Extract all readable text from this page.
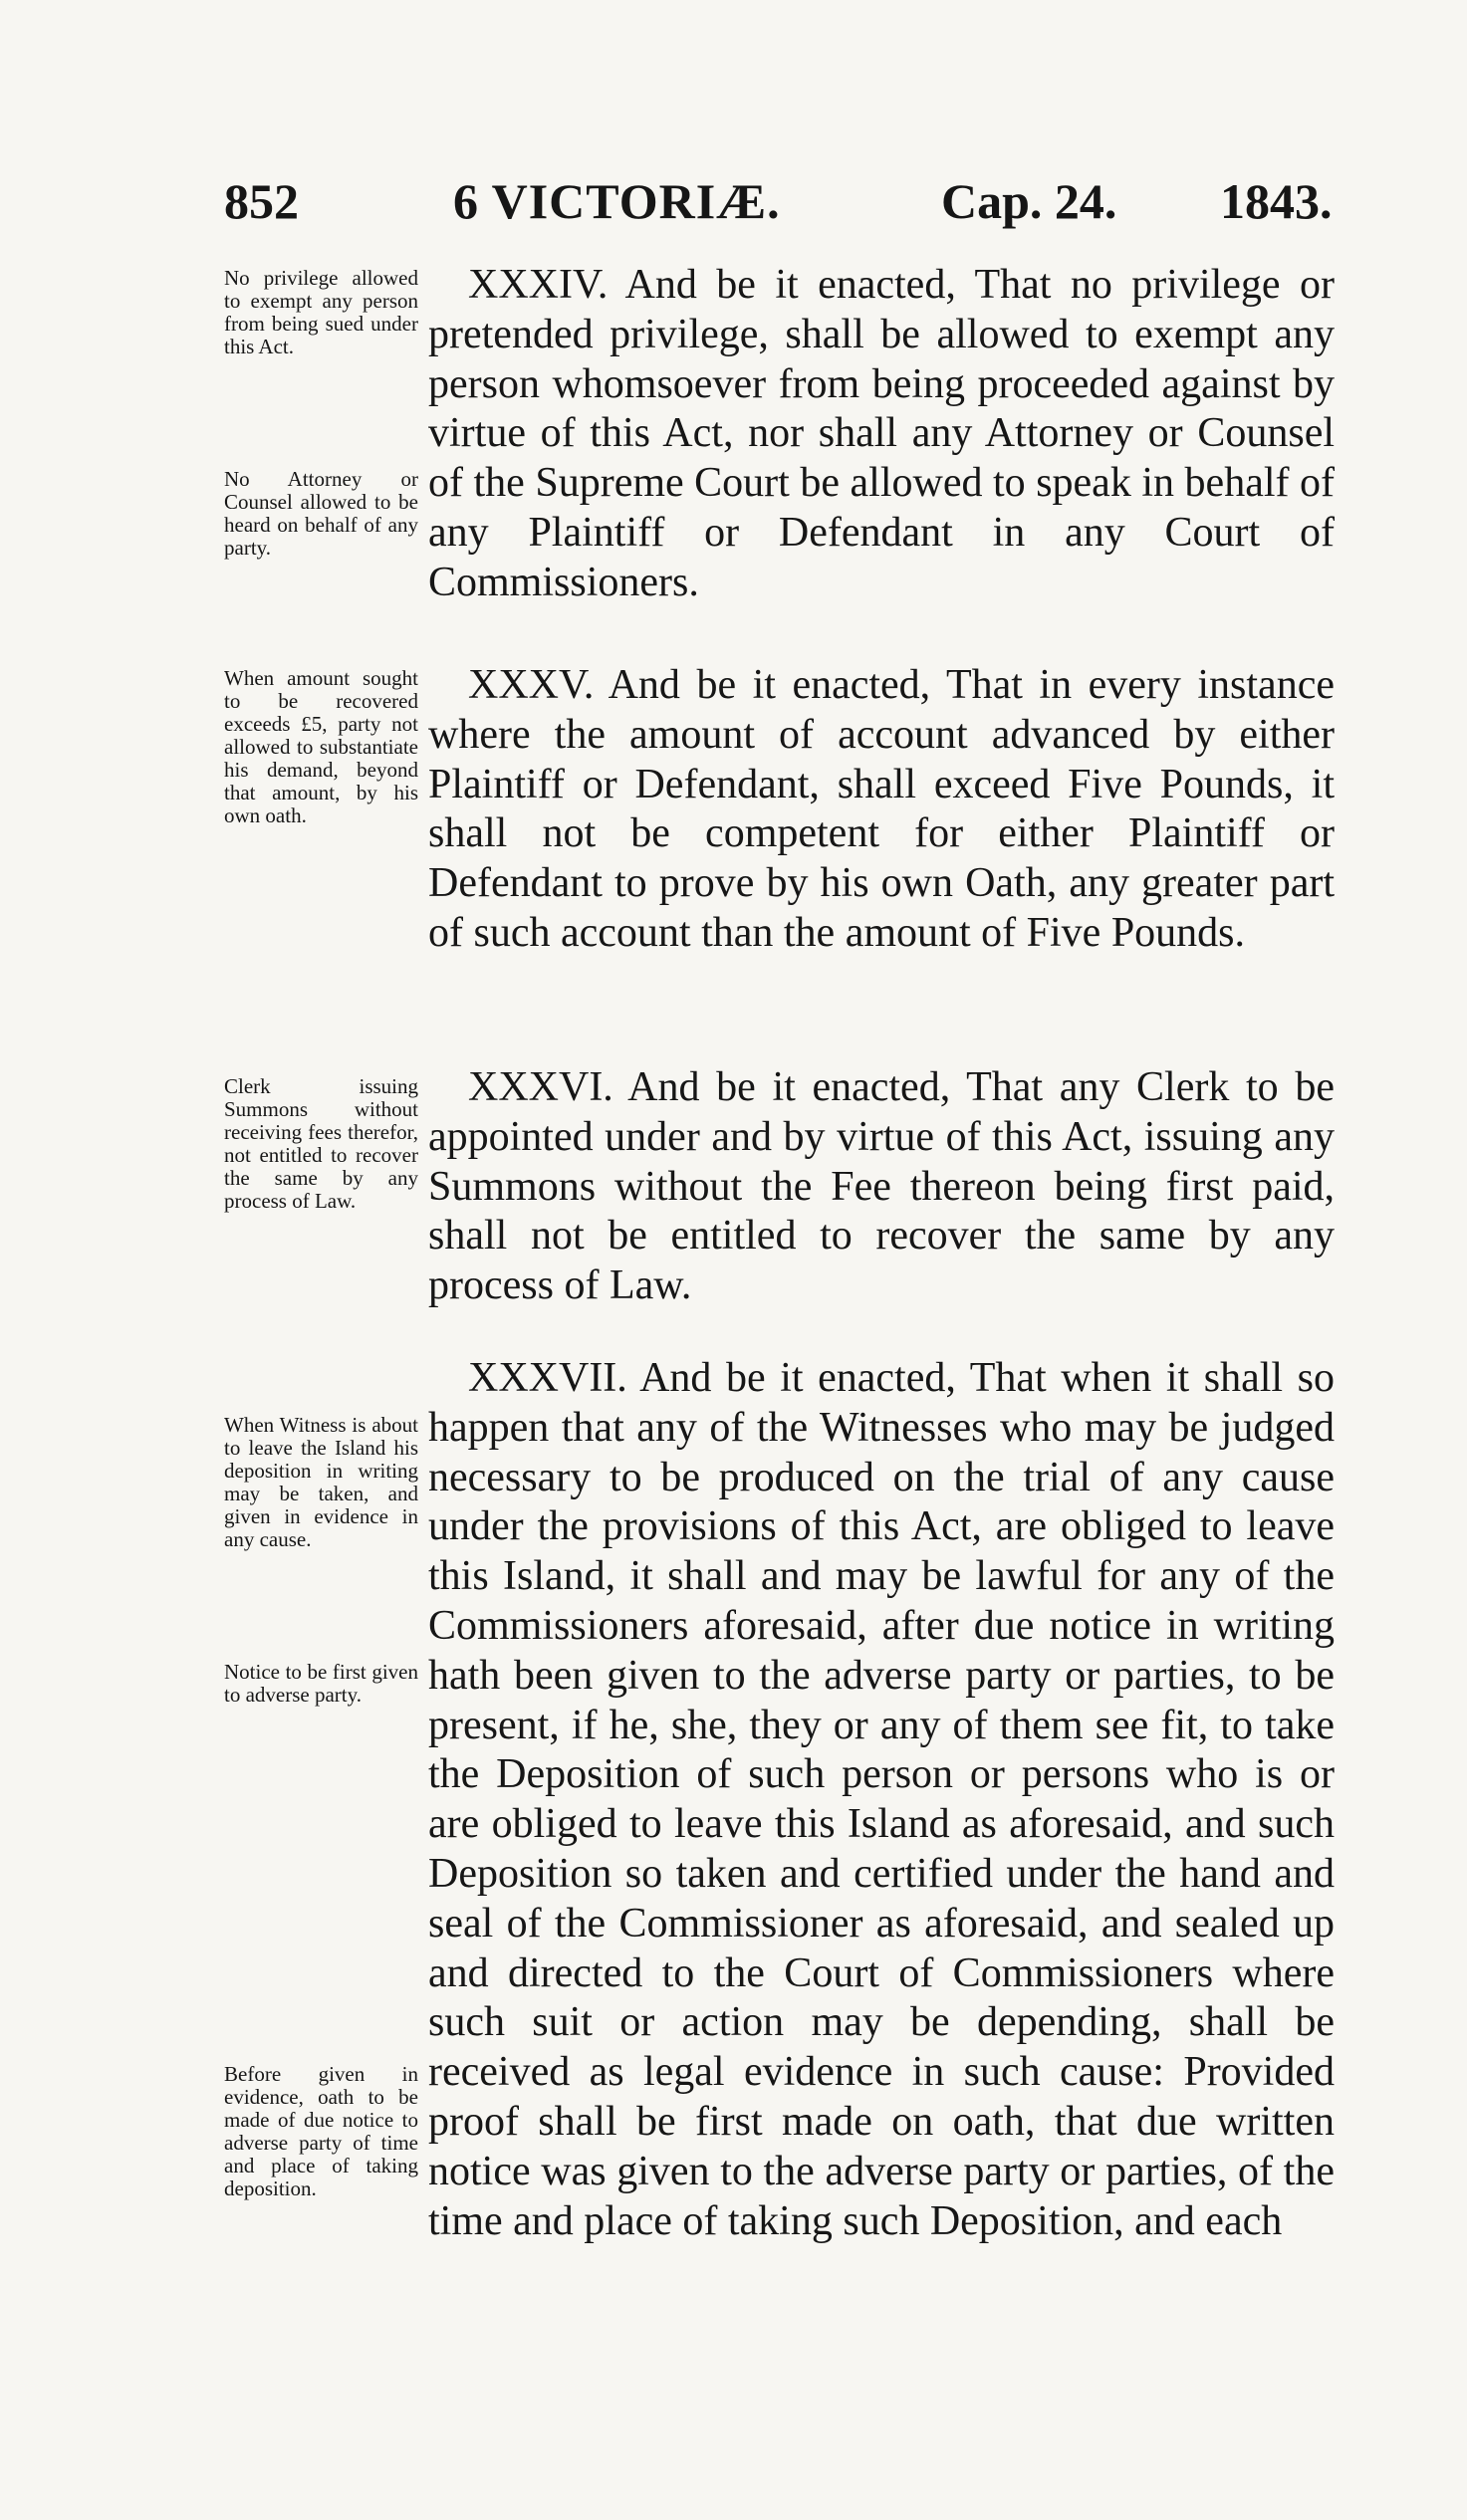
852	6 VICTORIÆ.	Cap. 24. 1843.
No privilege allowed to exempt any person from being sued under this Act.
No Attorney or Counsel allowed to be heard on behalf of any party.

XXXIV. And be it enacted, That no privilege or pretended privilege, shall be allowed to exempt any person whomsoever from being proceeded against by virtue of this Act, nor shall any Attorney or Counsel of the Supreme Court be allowed to speak in behalf of any Plaintiff or Defendant in any Court of Commissioners.

When amount sought to be recovered exceeds £5, party not allowed to substantiate his demand, beyond that amount, by his own oath.

XXXV. And be it enacted, That in every instance where the amount of account advanced by either Plaintiff or Defendant, shall exceed Five Pounds, it shall not be competent for either Plaintiff or Defendant to prove by his own Oath, any greater part of such account than the amount of Five Pounds.

Clerk issuing Summons without receiving fees therefor, not entitled to recover the same by any process of Law.

XXXVI. And be it enacted, That any Clerk to be appointed under and by virtue of this Act, issuing any Summons without the Fee thereon being first paid, shall not be entitled to recover the same by any process of Law.

When Witness is about to leave the Island his deposition in writing may be taken, and given in evidence in any cause.
Notice to be first given to adverse party.
Before given in evidence, oath to be made of due notice to adverse party of time and place of taking deposition.

XXXVII. And be it enacted, That when it shall so happen that any of the Witnesses who may be judged necessary to be produced on the trial of any cause under the provisions of this Act, are obliged to leave this Island, it shall and may be lawful for any of the Commissioners aforesaid, after due notice in writing hath been given to the adverse party or parties, to be present, if he, she, they or any of them see fit, to take the Deposition of such person or persons who is or are obliged to leave this Island as aforesaid, and such Deposition so taken and certified under the hand and seal of the Commissioner as aforesaid, and sealed up and directed to the Court of Commissioners where such suit or action may be depending, shall be received as legal evidence in such cause: Provided proof shall be first made on oath, that due written notice was given to the adverse party or parties, of the time and place of taking such Deposition, and each
